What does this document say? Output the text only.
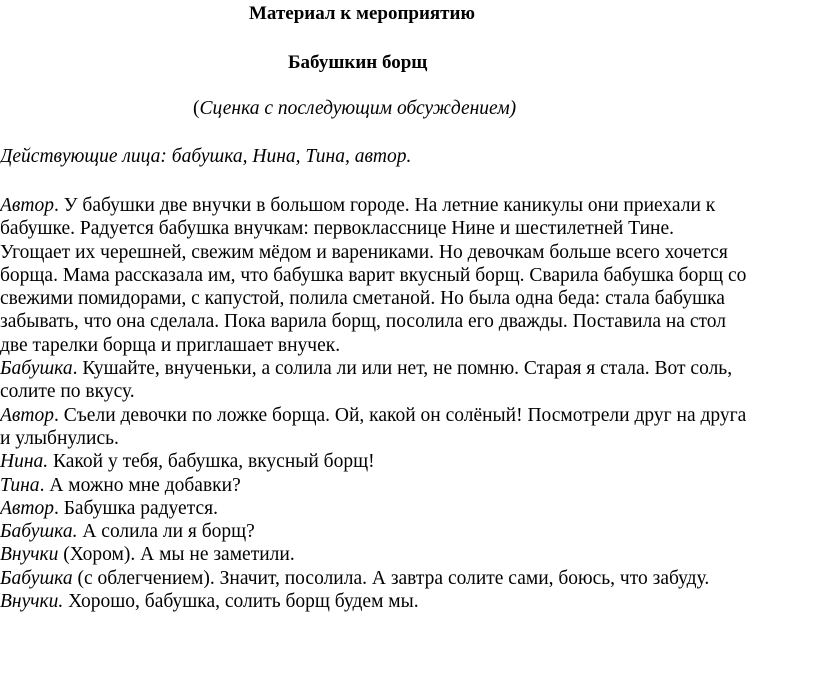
Материал к мероприятию
Бабушкин борщ
(Сценка с последующим обсуждением)
Действующие лица: бабушка, Нина, Тина, автор.
Автор. У бабушки две внучки в большом городе. На летние каникулы они приехали к
бабушке. Радуется бабушка внучкам: первокласснице Нине и шестилетней Тине.
Угощает их черешней, свежим мёдом и варениками. Но девочкам больше всего хочется
борща. Мама рассказала им, что бабушка варит вкусный борщ. Сварила бабушка борщ со
свежими помидорами, с капустой, полила сметаной. Но была одна беда: стала бабушка
забывать, что она сделала. Пока варила борщ, посолила его дважды. Поставила на стол
две тарелки борща и приглашает внучек.
Бабушка. Кушайте, внученьки, а солила ли или нет, не помню. Старая я стала. Вот соль,
солите по вкусу.
Автор. Съели девочки по ложке борща. Ой, какой он солёный! Посмотрели друг на друга
и улыбнулись.
Нина. Какой у тебя, бабушка, вкусный борщ!
Тина. А можно мне добавки?
Автор. Бабушка радуется.
Бабушка. А солила ли я борщ?
Внучки (Хором). А мы не заметили.
Бабушка (с облегчением). Значит, посолила. А завтра солите сами, боюсь, что забуду.
Внучки. Хорошо, бабушка, солить борщ будем мы.
